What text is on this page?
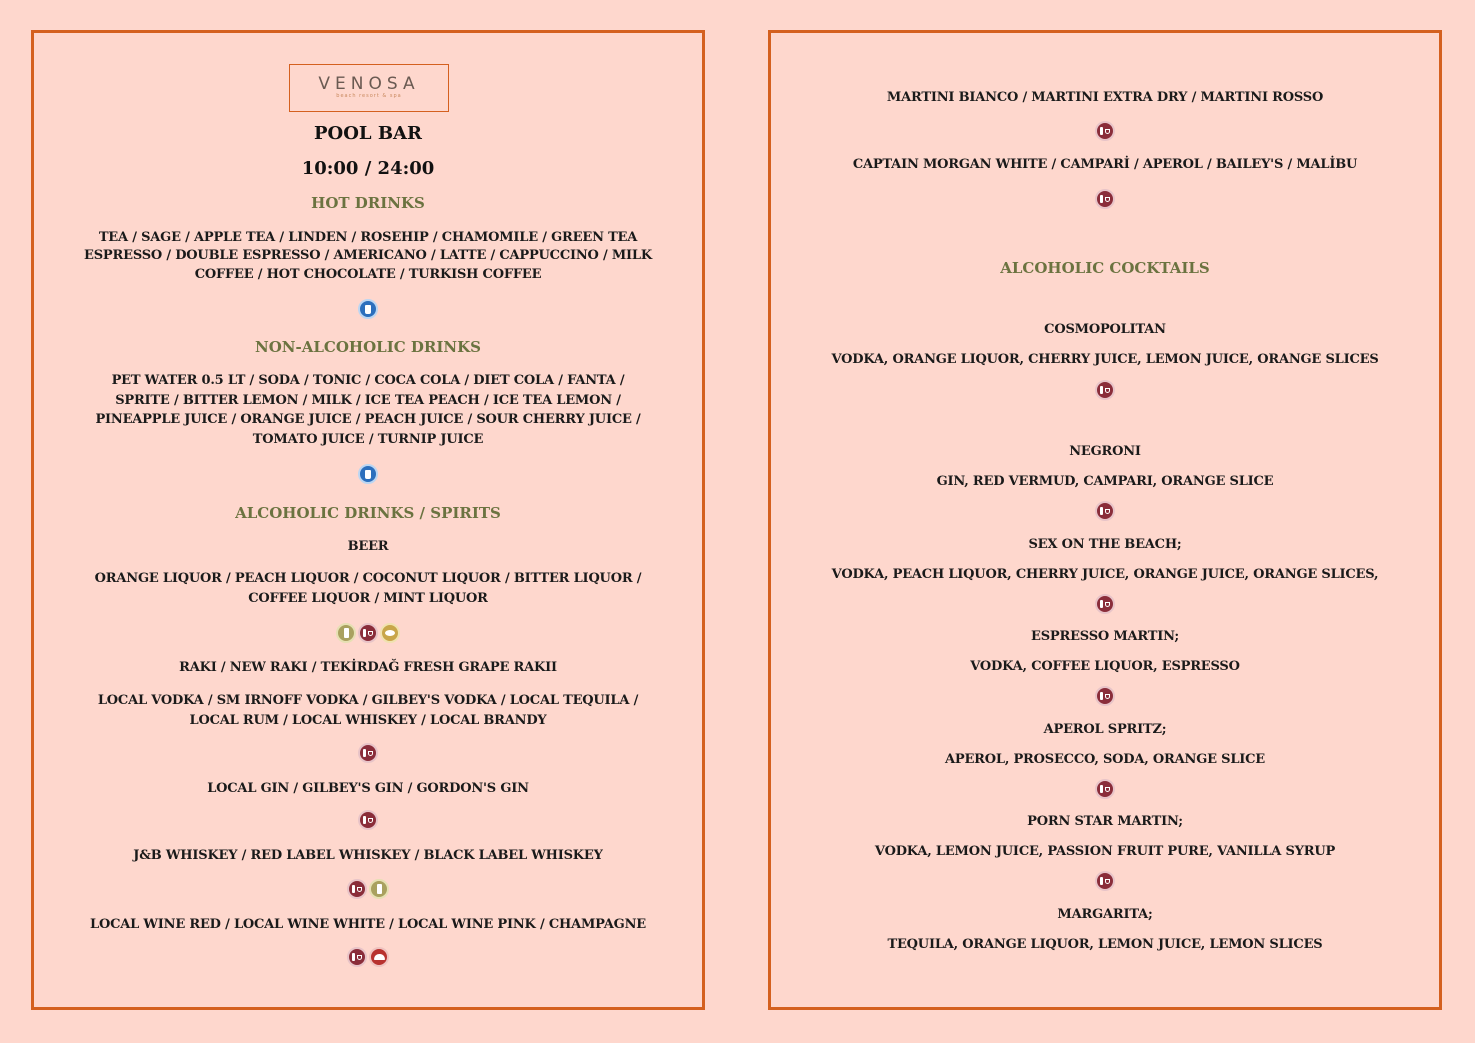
VENOSA
beach resort & spa
POOL BAR
10:00 / 24:00
HOT DRINKS
TEA / SAGE / APPLE TEA / LINDEN / ROSEHIP / CHAMOMILE / GREEN TEA
ESPRESSO / DOUBLE ESPRESSO / AMERICANO / LATTE / CAPPUCCINO / MILK
COFFEE / HOT CHOCOLATE / TURKISH COFFEE
NON-ALCOHOLIC DRINKS
PET WATER 0.5 LT / SODA / TONIC / COCA COLA / DIET COLA / FANTA / SPRITE / BITTER LEMON / MILK / ICE TEA PEACH / ICE TEA LEMON / PINEAPPLE JUICE / ORANGE JUICE / PEACH JUICE / SOUR CHERRY JUICE / TOMATO JUICE / TURNIP JUICE
ALCOHOLIC DRINKS / SPIRITS
BEER
ORANGE LIQUOR / PEACH LIQUOR / COCONUT LIQUOR / BITTER LIQUOR / COFFEE LIQUOR / MINT LIQUOR
RAKI / NEW RAKI / TEKİRDAĞ FRESH GRAPE RAKII
LOCAL VODKA / SM IRNOFF VODKA / GILBEY'S VODKA / LOCAL TEQUILA / LOCAL RUM / LOCAL WHISKEY / LOCAL BRANDY
LOCAL GIN / GILBEY'S GIN / GORDON'S GIN
J&B WHISKEY / RED LABEL WHISKEY / BLACK LABEL WHISKEY
LOCAL WINE RED / LOCAL WINE WHITE / LOCAL WINE PINK / CHAMPAGNE
MARTINI BIANCO / MARTINI EXTRA DRY / MARTINI ROSSO
CAPTAIN MORGAN WHITE / CAMPARİ / APEROL / BAILEY'S / MALİBU
ALCOHOLIC COCKTAILS
COSMOPOLITAN
VODKA, ORANGE LIQUOR, CHERRY JUICE, LEMON JUICE, ORANGE SLICES
NEGRONI
GIN, RED VERMUD, CAMPARI, ORANGE SLICE
SEX ON THE BEACH;
VODKA, PEACH LIQUOR, CHERRY JUICE, ORANGE JUICE, ORANGE SLICES,
ESPRESSO MARTIN;
VODKA, COFFEE LIQUOR, ESPRESSO
APEROL SPRITZ;
APEROL, PROSECCO, SODA, ORANGE SLICE
PORN STAR MARTIN;
VODKA, LEMON JUICE, PASSION FRUIT PURE, VANILLA SYRUP
MARGARITA;
TEQUILA, ORANGE LIQUOR, LEMON JUICE, LEMON SLICES
